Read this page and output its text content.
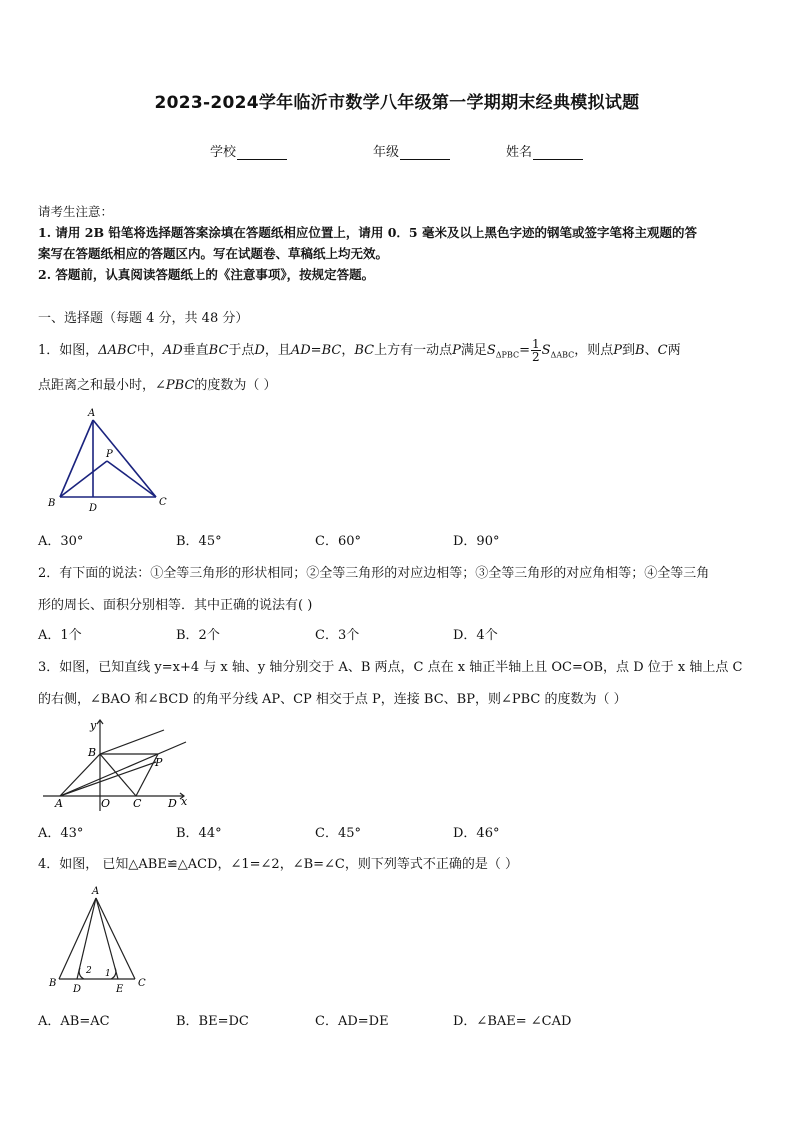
2023-2024学年临沂市数学八年级第一学期期末经典模拟试题
学校	年级	姓名
请考生注意：
1. 请用 2B 铅笔将选择题答案涂填在答题纸相应位置上，请用 0．5 毫米及以上黑色字迹的钢笔或签字笔将主观题的答
案写在答题纸相应的答题区内。写在试题卷、草稿纸上均无效。
2. 答题前，认真阅读答题纸上的《注意事项》，按规定答题。
一、选择题（每题 4 分，共 48 分）
1．如图，ΔABC中，AD垂直BC于点D，且AD=BC，BC上方有一动点P满足$S_{\Delta PBC}= \frac{1}{2} S_{\Delta ABC}$，则点P到B、C两
点距离之和最小时，∠PBC的度数为（ ）
A
B	C
D
P
A．30°	B．45°	C．60°	D．90°
2．有下面的说法：①全等三角形的形状相同；②全等三角形的对应边相等；③全等三角形的对应角相等；④全等三角
形的周长、面积分别相等．其中正确的说法有( )
A．1个	B．2个	C．3个	D．4个
3．如图，已知直线 y=x+4 与 x 轴、y 轴分别交于 A、B 两点，C 点在 x 轴正半轴上且 OC=OB，点 D 位于 x 轴上点 C
的右侧，∠BAO 和∠BCD 的角平分线 AP、CP 相交于点 P，连接 BC、BP，则∠PBC 的度数为（ ）
y
x
B
P
A	O C D
A．43°	B．44°	C．45°	D．46°
4．如图， 已知△ABE≌△ACD，∠1=∠2，∠B=∠C，则下列等式不正确的是（ ）
A
B	C
D	E
1
2
A．AB=AC	B．BE=DC	C．AD=DE	D．∠BAE= ∠CAD
